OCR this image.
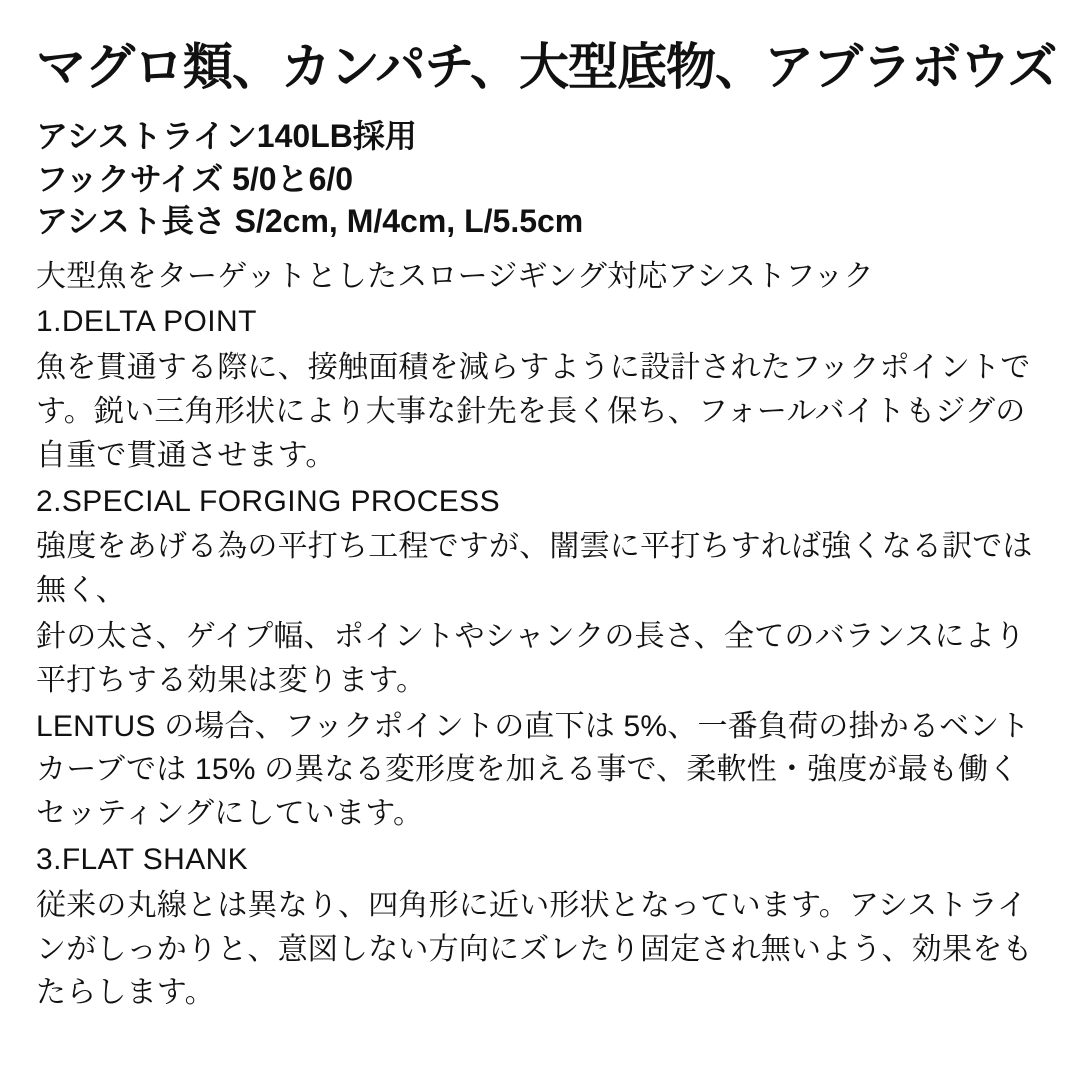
マグロ類、カンパチ、大型底物、アブラボウズ
アシストライン140LB採用
フックサイズ 5/0と6/0
アシスト長さ S/2cm, M/4cm, L/5.5cm

大型魚をターゲットとしたスロージギング対応アシストフック

1.DELTA POINT

魚を貫通する際に、接触面積を減らすように設計されたフックポイントです。鋭い三角形状により大事な針先を長く保ち、フォールバイトもジグの自重で貫通させます。

2.SPECIAL FORGING PROCESS

強度をあげる為の平打ち工程ですが、闇雲に平打ちすれば強くなる訳では無く、

針の太さ、ゲイプ幅、ポイントやシャンクの長さ、全てのバランスにより平打ちする効果は変ります。

LENTUS の場合、フックポイントの直下は 5%、一番負荷の掛かるベントカーブでは 15% の異なる変形度を加える事で、柔軟性・強度が最も働くセッティングにしています。

3.FLAT SHANK

従来の丸線とは異なり、四角形に近い形状となっています。アシストラインがしっかりと、意図しない方向にズレたり固定され無いよう、効果をもたらします。
